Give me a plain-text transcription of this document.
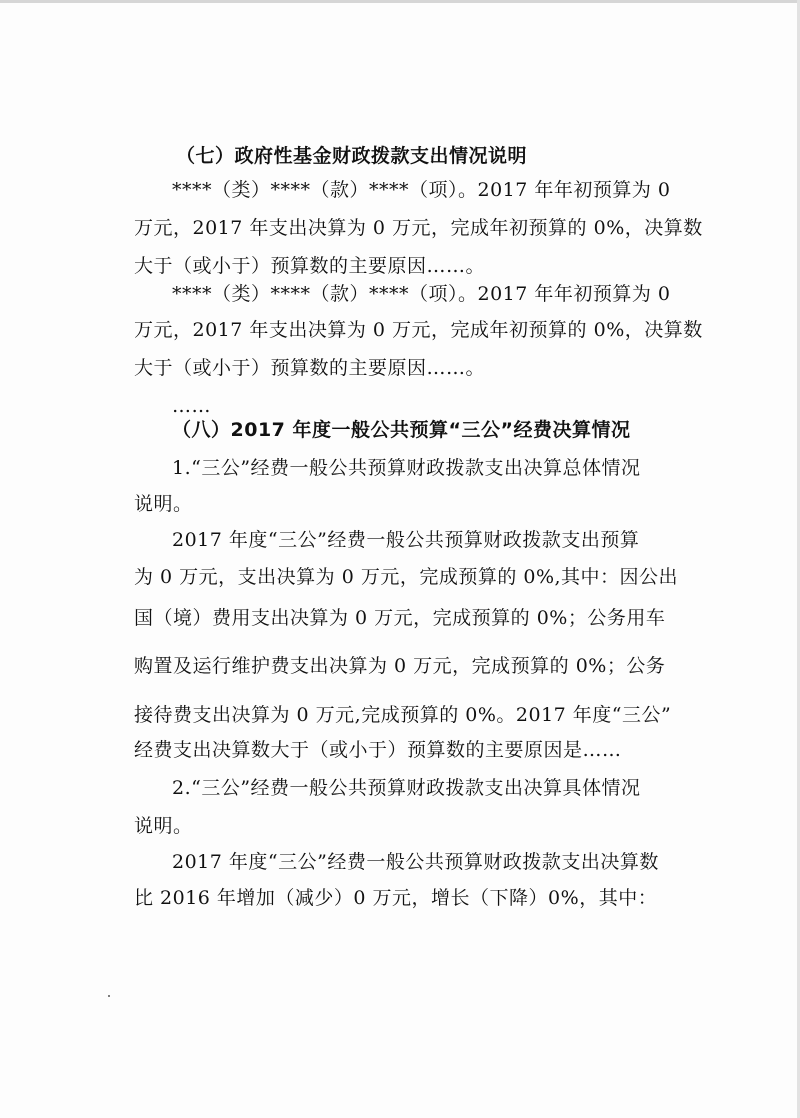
（七）政府性基金财政拨款支出情况说明
****（类）****（款）****（项）。2017 年年初预算为 0
万元，2017 年支出决算为 0 万元，完成年初预算的 0%，决算数
大于（或小于）预算数的主要原因……。
****（类）****（款）****（项）。2017 年年初预算为 0
万元，2017 年支出决算为 0 万元，完成年初预算的 0%，决算数
大于（或小于）预算数的主要原因……。
……
（八）2017 年度一般公共预算“三公”经费决算情况
1.“三公”经费一般公共预算财政拨款支出决算总体情况
说明。
2017 年度“三公”经费一般公共预算财政拨款支出预算
为 0 万元，支出决算为 0 万元，完成预算的 0%,其中：因公出
国（境）费用支出决算为 0 万元，完成预算的 0%；公务用车
购置及运行维护费支出决算为 0 万元，完成预算的 0%；公务
接待费支出决算为 0 万元,完成预算的 0%。2017 年度“三公”
经费支出决算数大于（或小于）预算数的主要原因是……
2.“三公”经费一般公共预算财政拨款支出决算具体情况
说明。
2017 年度“三公”经费一般公共预算财政拨款支出决算数
比 2016 年增加（减少）0 万元，增长（下降）0%，其中：
